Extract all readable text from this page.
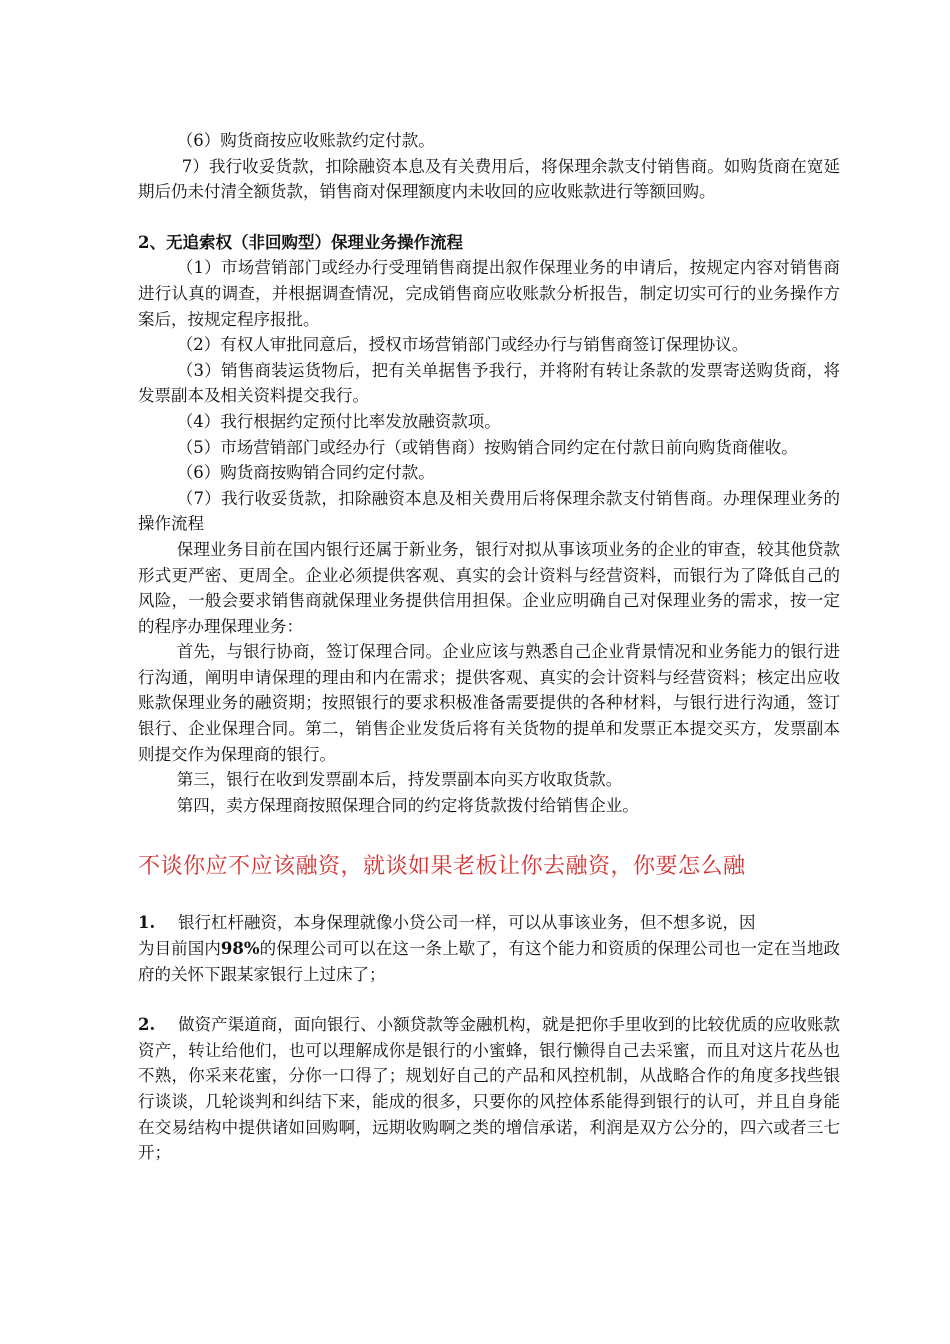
（6）购货商按应收账款约定付款。

7）我行收妥货款，扣除融资本息及有关费用后，将保理余款支付销售商。如购货商在宽延期后仍未付清全额货款，销售商对保理额度内未收回的应收账款进行等额回购。

2、无追索权（非回购型）保理业务操作流程

（1）市场营销部门或经办行受理销售商提出叙作保理业务的申请后，按规定内容对销售商进行认真的调查，并根据调查情况，完成销售商应收账款分析报告，制定切实可行的业务操作方案后，按规定程序报批。

（2）有权人审批同意后，授权市场营销部门或经办行与销售商签订保理协议。

（3）销售商装运货物后，把有关单据售予我行，并将附有转让条款的发票寄送购货商，将发票副本及相关资料提交我行。

（4）我行根据约定预付比率发放融资款项。

（5）市场营销部门或经办行（或销售商）按购销合同约定在付款日前向购货商催收。

（6）购货商按购销合同约定付款。

（7）我行收妥货款，扣除融资本息及相关费用后将保理余款支付销售商。办理保理业务的操作流程

保理业务目前在国内银行还属于新业务，银行对拟从事该项业务的企业的审查，较其他贷款形式更严密、更周全。企业必须提供客观、真实的会计资料与经营资料，而银行为了降低自己的风险，一般会要求销售商就保理业务提供信用担保。企业应明确自己对保理业务的需求，按一定的程序办理保理业务：

首先，与银行协商，签订保理合同。企业应该与熟悉自己企业背景情况和业务能力的银行进行沟通，阐明申请保理的理由和内在需求；提供客观、真实的会计资料与经营资料；核定出应收账款保理业务的融资期；按照银行的要求积极准备需要提供的各种材料，与银行进行沟通，签订银行、企业保理合同。第二，销售企业发货后将有关货物的提单和发票正本提交买方，发票副本则提交作为保理商的银行。

第三，银行在收到发票副本后，持发票副本向买方收取货款。

第四，卖方保理商按照保理合同的约定将货款拨付给销售企业。

不谈你应不应该融资，就谈如果老板让你去融资，你要怎么融

1. 银行杠杆融资，本身保理就像小贷公司一样，可以从事该业务，但不想多说，因

为目前国内98%的保理公司可以在这一条上歇了，有这个能力和资质的保理公司也一定在当地政府的关怀下跟某家银行上过床了；

2. 做资产渠道商，面向银行、小额贷款等金融机构，就是把你手里收到的比较优质的应收账款资产，转让给他们，也可以理解成你是银行的小蜜蜂，银行懒得自己去采蜜，而且对这片花丛也不熟，你采来花蜜，分你一口得了；规划好自己的产品和风控机制，从战略合作的角度多找些银行谈谈，几轮谈判和纠结下来，能成的很多，只要你的风控体系能得到银行的认可，并且自身能在交易结构中提供诸如回购啊，远期收购啊之类的增信承诺，利润是双方公分的，四六或者三七开；
